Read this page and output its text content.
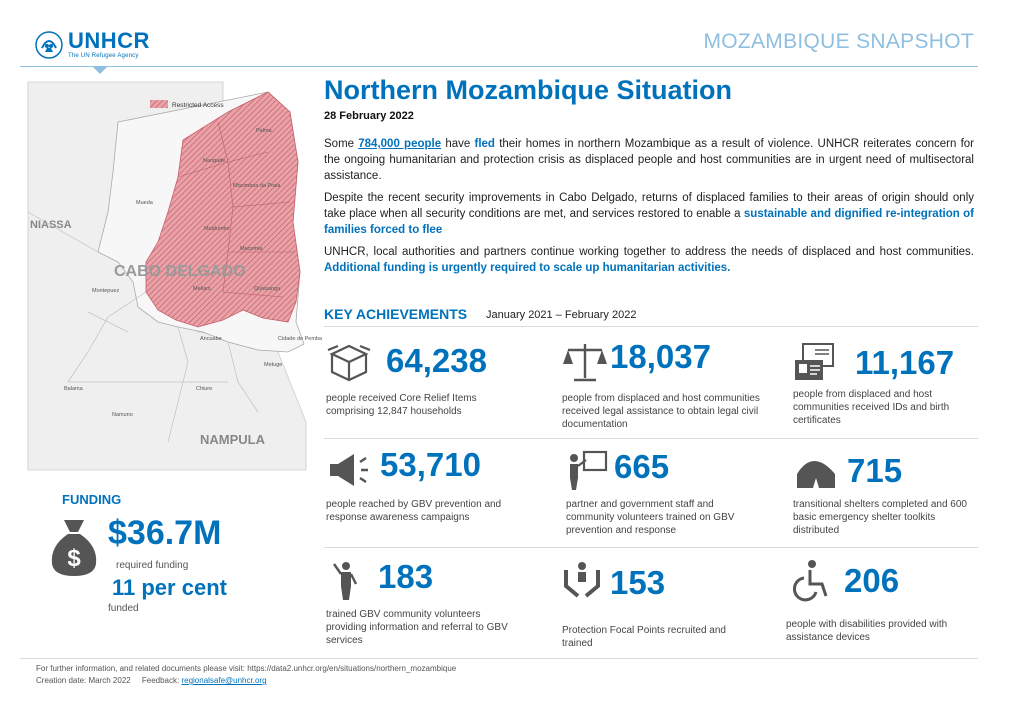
UNHCR
The UN Refugee Agency
MOZAMBIQUE SNAPSHOT
Restricted Access
Palma
Nangade
Mueda
Mocimboa da Praia
Muidumbe
Macomia
Montepuez	Meluco	Quissanga
Ancuabe
Chiure
Metuge
Cidade de Pemba
Balama
Namuno
NIASSA
CABO DELGADO
NAMPULA
FUNDING
$
$36.7M
required funding
11 per cent
funded
Northern Mozambique Situation
28 February 2022

Some 784,000 people have fled their homes in northern Mozambique as a result of violence. UNHCR reiterates concern for the ongoing humanitarian and protection crisis as displaced people and host communities are in urgent need of multisectoral assistance.

Despite the recent security improvements in Cabo Delgado, returns of displaced families to their areas of origin should only take place when all security conditions are met, and services restored to enable a sustainable and dignified re-integration of families forced to flee

UNHCR, local authorities and partners continue working together to address the needs of displaced and host communities. Additional funding is urgently required to scale up humanitarian activities.

KEY ACHIEVEMENTS January 2021 – February 2022
64,238
people received Core Relief Items comprising 12,847 households
18,037
people from displaced and host communities received legal assistance to obtain legal civil documentation
11,167
people from displaced and host communities received IDs and birth certificates
53,710
people reached by GBV prevention and response awareness campaigns
665
partner and government staff and community volunteers trained on GBV prevention and response
715
transitional shelters completed and 600 basic emergency shelter toolkits distributed
183
trained GBV community volunteers providing information and referral to GBV services
153
Protection Focal Points recruited and trained
206
people with disabilities provided with assistance devices
For further information, and related documents please visit: https://data2.unhcr.org/en/situations/northern_mozambique
Creation date: March 2022 Feedback: regionalsafe@unhcr.org
